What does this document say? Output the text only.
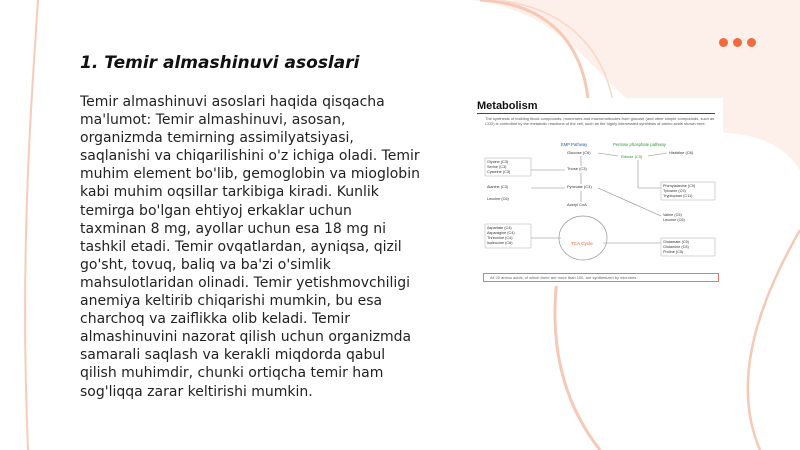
1. Temir almashinuvi asoslari

Temir almashinuvi asoslari haqida qisqacha ma'lumot: Temir almashinuvi, asosan, organizmda temirning assimilyatsiyasi, saqlanishi va chiqarilishini o'z ichiga oladi. Temir muhim element bo'lib, gemoglobin va mioglobin kabi muhim oqsillar tarkibiga kiradi. Kunlik temirga bo'lgan ehtiyoj erkaklar uchun taxminan 8 mg, ayollar uchun esa 18 mg ni tashkil etadi. Temir ovqatlardan, ayniqsa, qizil go'sht, tovuq, baliq va ba'zi o'simlik mahsulotlaridan olinadi. Temir yetishmovchiligi anemiya keltirib chiqarishi mumkin, bu esa charchoq va zaiflikka olib keladi. Temir almashinuvini nazorat qilish uchun organizmda samarali saqlash va kerakli miqdorda qabul qilish muhimdir, chunki ortiqcha temir ham sog'liqqa zarar keltirishi mumkin.

Metabolism

The synthesis of building block compounds, monomers and macromolecules from glucose (and other simple compounds, such as CO2) is controlled by the metabolic reactions of the cell, such as the highly interrelated synthesis of amino acids shown here.

EMP Pathway	Pentose phosphate pathway
Glucose (C6)
Triose (C3)
Pyruvate (C3)
Acetyl CoA
Ribose (C5)
Histidine (C6)
TCA Cycle
Glycine (C3)
Serine (C3)
Cysteine (C3)
Alanine (C3)
Leucine (C6)
Aspartate (C4)
Asparagine (C4)
Threonine (C4)
Isoleucine (C6)
Phenylalanine (C9)
Tyrosine (C9)
Tryptophan (C11)
Valine (C5)
Leucine (C6)
Glutamate (C5)
Glutamine (C5)
Proline (C5)
All 20 amino acids, of which there are more than 100, are synthesized by microbes.
